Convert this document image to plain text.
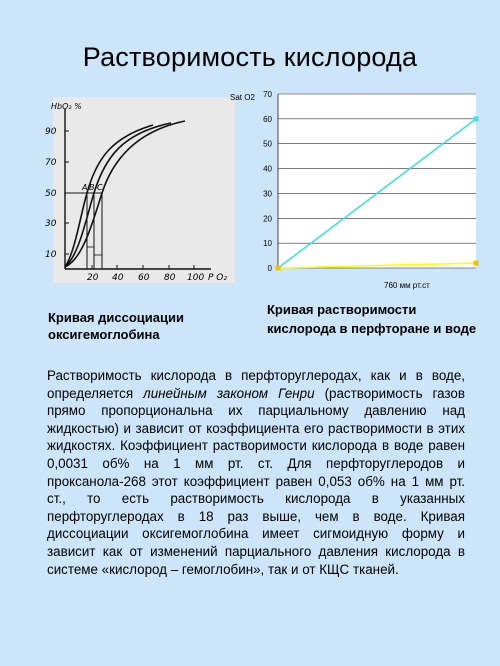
Растворимость кислорода
90
70
50
30
10
HbO₂ %
20 40 60 80 100 P O₂
A B C
Кривая диссоциации оксигемоглобина
0
10
20
30
40
50
60
70
Sat O2
760 мм рт.ст
Кривая растворимости кислорода в перфторане и воде
Растворимость кислорода в перфторуглеродах, как и в воде, определяется линейным законом Генри (растворимость газов прямо пропорциональна их парциальному давлению над жидкостью) и зависит от коэффициента его растворимости в этих жидкостях. Коэффициент растворимости кислорода в воде равен 0,0031 об% на 1 мм рт. ст. Для перфторуглеродов и проксанола-268 этот коэффициент равен 0,053 об% на 1 мм рт. ст., то есть растворимость кислорода в указанных перфторуглеродах в 18 раз выше, чем в воде. Кривая диссоциации оксигемоглобина имеет сигмоидную форму и зависит как от изменений парциального давления кислорода в системе «кислород – гемоглобин», так и от КЩС тканей.
